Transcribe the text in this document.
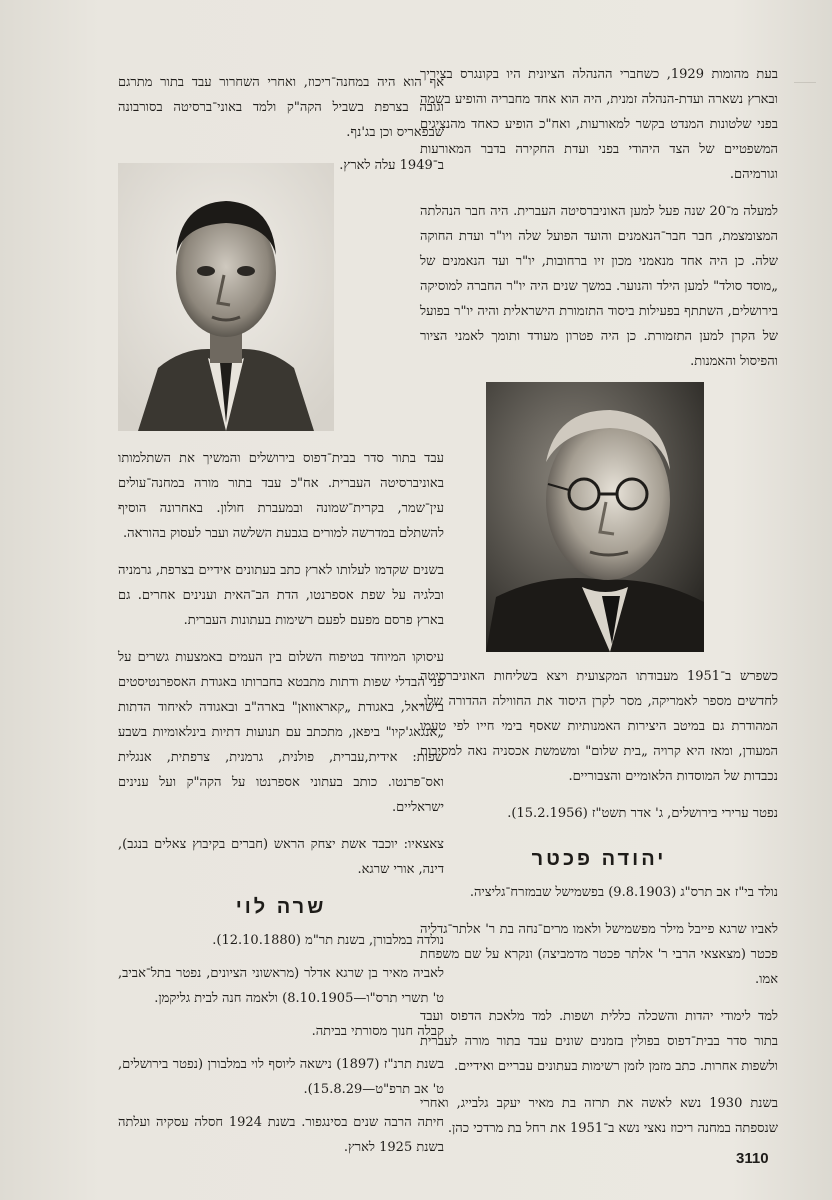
בעת מהומות 1929, כשחברי ההנהלה הציונית היו בקונגרס בציריך ובארץ נשארה ועדת-הנהלה זמנית, היה הוא אחד מחבריה והופיע בשמה בפני שלטונות המנדט בקשר למאורעות, ואח"כ הופיע כאחד מהנציגים המשפטיים של הצד היהודי בפני ועדת החקירה בדבר המאורעות וגורמיהם.

למעלה מ־20 שנה פעל למען האוניברסיטה העברית. היה חבר הנהלתה המצומצמת, חבר חבר־הנאמנים והועד הפועל שלה ויו"ר ועדת החוקה שלה. כן היה אחד מנאמני מכון זיו ברחובות, יו"ר ועד הנאמנים של „מוסד סולד" למען הילד והנוער. במשך שנים היה יו"ר החברה למוסיקה בירושלים, השתתף בפעילות ביסוד התזמורת הישראלית והיה יו"ר בפועל של הקרן למען התזמורת. כן היה פטרון מעודד ותומך לאמני הציור והפיסול והאמנות.

אף הוא היה במחנה־ריכוז, ואחרי השחרור עבד בתור מתרגם וגובה בצרפת בשביל הקה"ק ולמד באוני־ברסיטה בסורבונה שבפאריס וכן בג'נף.

ב־1949 עלה לארץ.

עבד בתור סדר בבית־דפוס בירושלים והמשיך את השתלמותו באוניברסיטה העברית. אח"כ עבד בתור מורה במחנה־עולים עין־שמר, בקרית־שמונה ובמעברת חולון. באחרונה הוסיף להשתלם במדרשה למורים בגבעת השלשה ועבר לעסוק בהוראה.

בשנים שקדמו לעלותו לארץ כתב בעתונים אידיים בצרפת, גרמניה ובלגיה על שפת אספרנטו, הדת הב־האית וענינים אחרים. גם בארץ פרסם מפעם לפעם רשימות בעתונות העברית.

עיסוקו המיוחד בטיפוח השלום בין העמים באמצעות גשרים על פני הבדלי שפות ודתות מתבטא בחברותו באגודת האספרנטיסטים בישראל, באגודת „קאראוואן" בארה"ב ובאגודה לאיחוד הדתות „אנגאג'קיו" ביפאן, מתכתב עם תנועות דתיות בינלאומיות בשבע שפות: אידית,עברית, פולנית, גרמנית, צרפתית, אנגלית ואס־פרנטו. כותב בעתוני אספרנטו על הקה"ק ועל ענינים ישראליים.

צאצאיו: יוכבד אשת יצחק הראש (חברים בקיבוץ צאלים בנגב), דינה, אורי שרגא.

כשפרש ב־1951 מעבודתו המקצועית ויצא בשליחות האוניברסיטה לחדשים מספר לאמריקה, מסר לקרן היסוד את החווילה ההדורה שלו, המהודרת גם במיטב היצירות האמנותיות שאסף בימי חייו לפי טעמו המעודן, ומאז היא קרויה „בית שלום" ומשמשת אכסניה נאה למסיבות נכבדות של המוסדות הלאומיים והצבוריים.

נפטר ערירי בירושלים, ג' אדר תשט"ז (15.2.1956).

יהודה פכטר

נולד בי"ז אב תרס"ג (9.8.1903) בפשמישל שבמזרח־גליציה.

לאביו שרגא פייבל מילר מפשמישל ולאמו מרים־נחה בת ר' אלתר־גדליה פכטר (מצאצאי הרבי ר' אלתר פכטר מדמביצה) ונקרא על שם משפחת אמו.

למד לימודי יהדות והשכלה כללית ושפות. למד מלאכת הדפוס ועבד בתור סדר בבית־דפוס בפולין בזמנים שונים עבד בתור מורה לעברית ולשפות אחרות. כתב מזמן לזמן רשימות בעתונים עבריים ואידיים.

בשנת 1930 נשא לאשה את תרזה בת מאיר יעקב גלבייג, ואחרי שנספתה במחנה ריכוז נאצי נשא ב־1951 את רחל בת מרדכי כהן.

שרה לוי

נולדה במלבורן, בשנת תר"מ (12.10.1880).

לאביה מאיר בן שרגא אדלר (מראשוני הציונים, נפטר בתל־אביב, ט' תשרי תרס"ו—8.10.1905) ולאמה חנה לבית גליקמן.

קבלה חנוך מסורתי בביתה.

בשנת תרנ"ז (1897) נישאה ליוסף לוי במלבורן (נפטר בירושלים, ט' אב תרפ"ט—15.8.29).

חיתה הרבה שנים בסינגפור. בשנת 1924 חסלה עסקיה ועלתה בשנת 1925 לארץ.

3110
